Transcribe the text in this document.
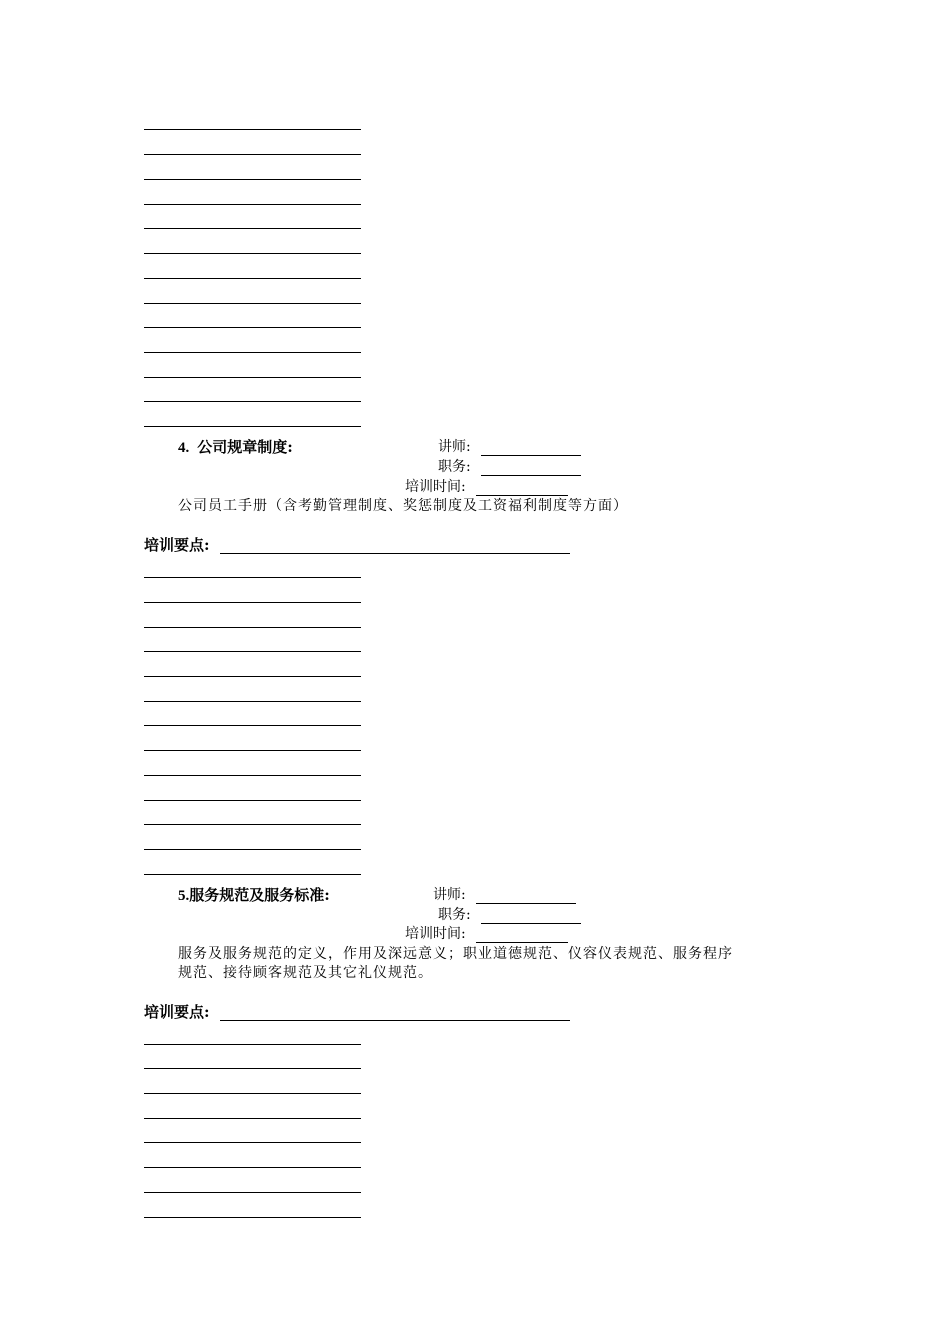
4. 公司规章制度:	讲师:
职务:
培训时间:
公司员工手册（含考勤管理制度、奖惩制度及工资福利制度等方面）
培训要点:
5.服务规范及服务标准:	讲师:
职务:
培训时间:
服务及服务规范的定义，作用及深远意义；职业道德规范、仪容仪表规范、服务程序
规范、接待顾客规范及其它礼仪规范。
培训要点:
